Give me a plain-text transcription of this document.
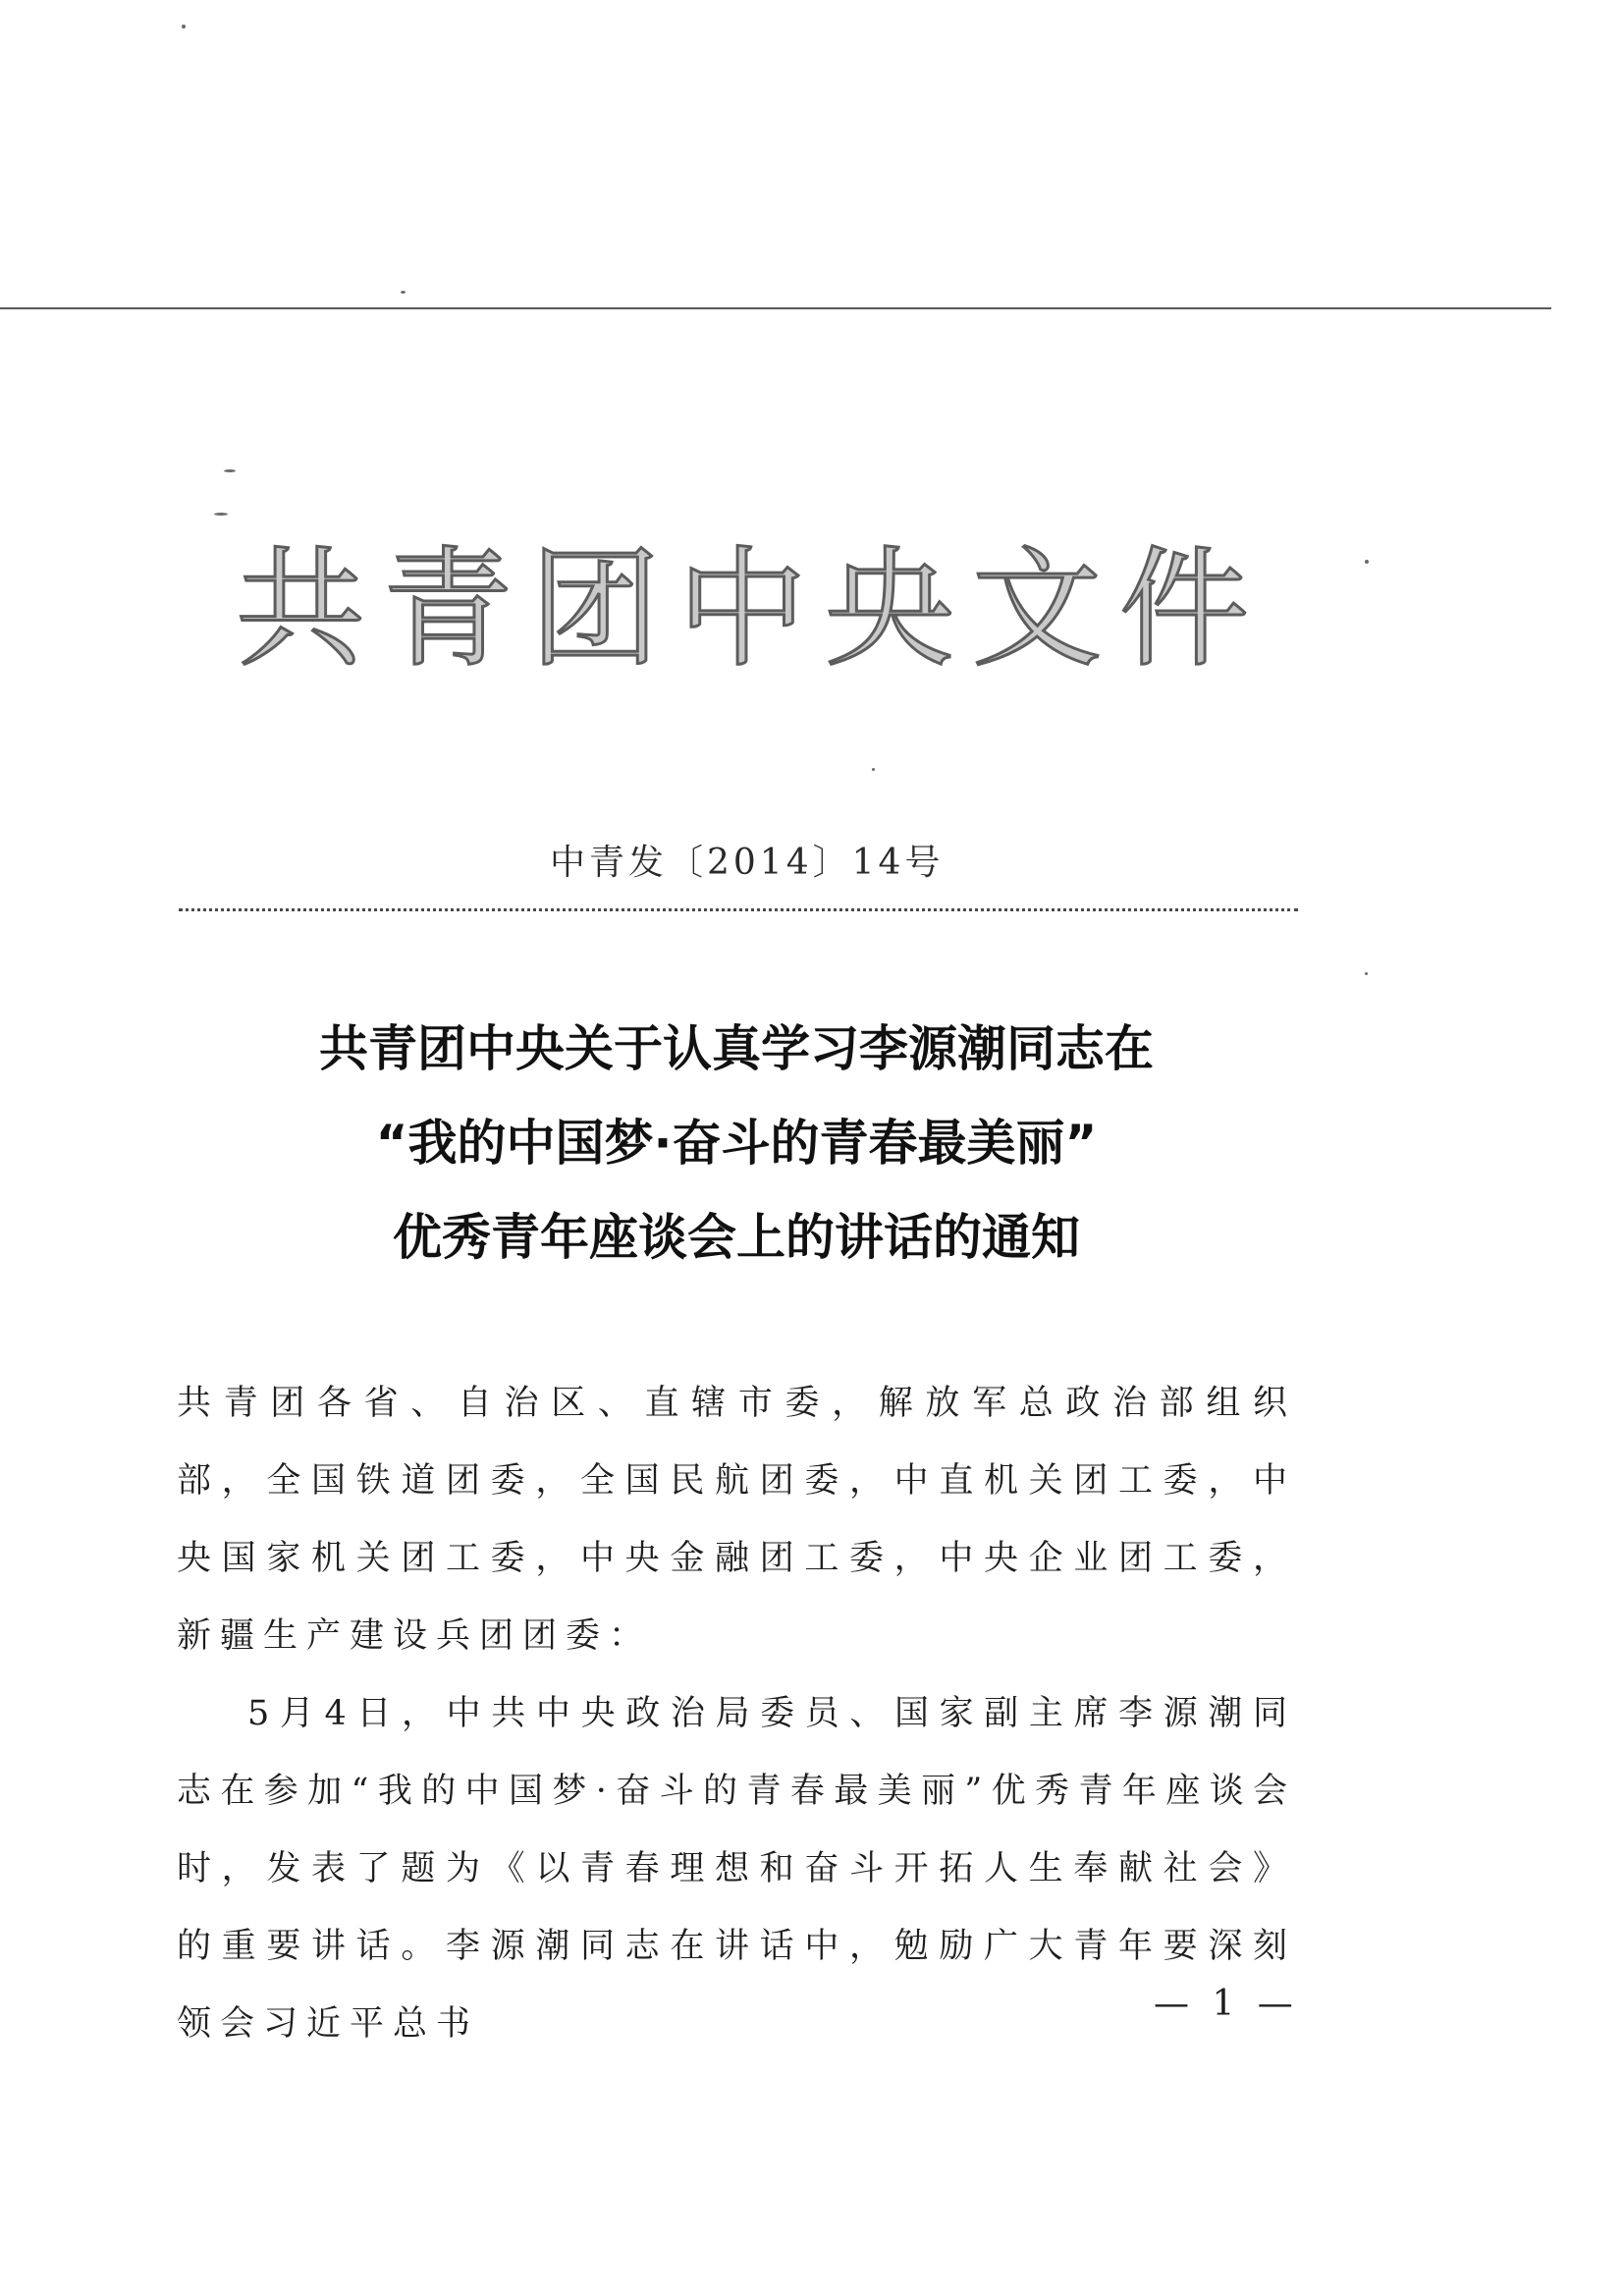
共青团中央文件
中青发〔2014〕14号
共青团中央关于认真学习李源潮同志在
“我的中国梦·奋斗的青春最美丽”
优秀青年座谈会上的讲话的通知

共青团各省、自治区、直辖市委，解放军总政治部组织部，全国铁道团委，全国民航团委，中直机关团工委，中央国家机关团工委，中央金融团工委，中央企业团工委，新疆生产建设兵团团委：

5月4日，中共中央政治局委员、国家副主席李源潮同志在参加“我的中国梦·奋斗的青春最美丽”优秀青年座谈会时，发表了题为《以青春理想和奋斗开拓人生奉献社会》的重要讲话。李源潮同志在讲话中，勉励广大青年要深刻领会习近平总书	— 1 —
